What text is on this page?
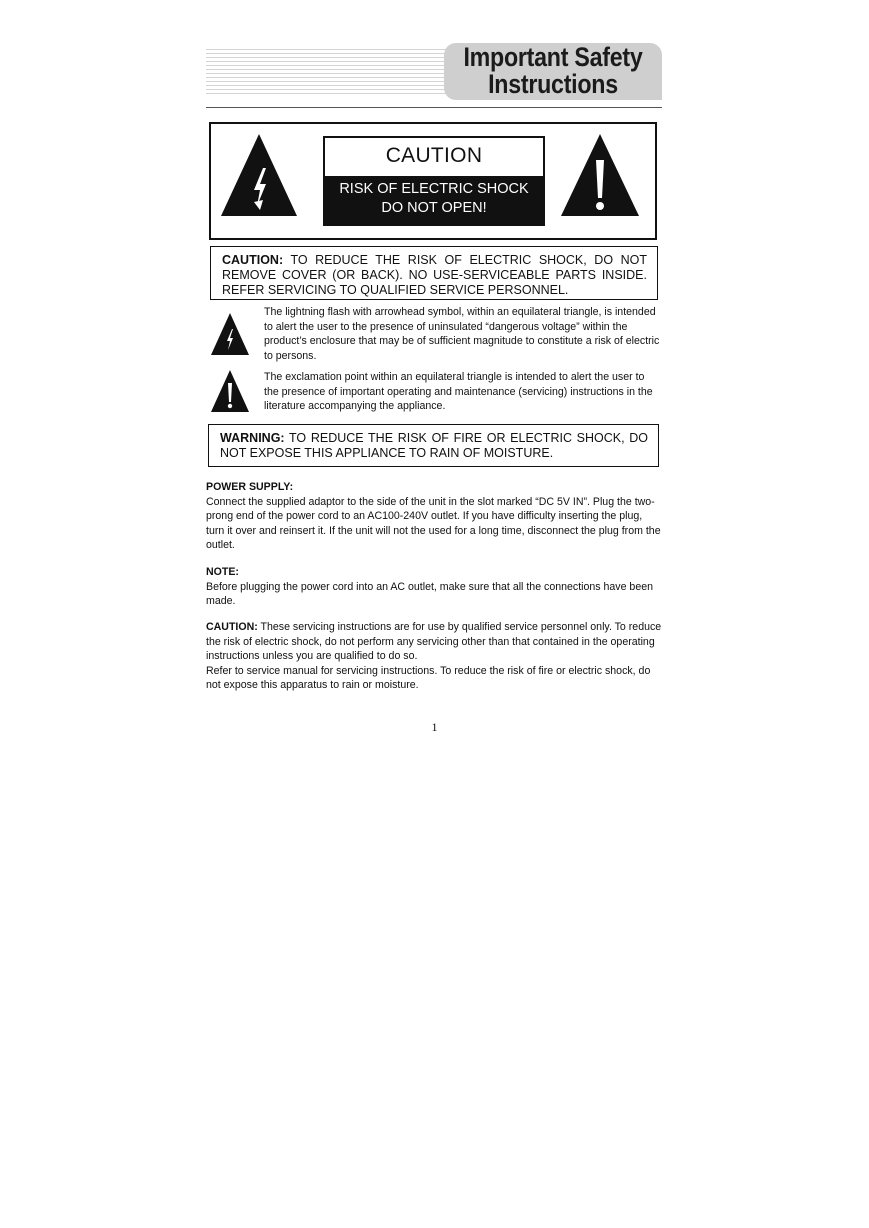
Important Safety
Instructions
CAUTION
RISK OF ELECTRIC SHOCK
DO NOT OPEN!
CAUTION: TO REDUCE THE RISK OF ELECTRIC SHOCK, DO NOT REMOVE COVER (OR BACK). NO USE-SERVICEABLE PARTS INSIDE. REFER SERVICING TO QUALIFIED SERVICE PERSONNEL.
The lightning flash with arrowhead symbol, within an equilateral triangle, is intended to alert the user to the presence of uninsulated “dangerous voltage” within the product’s enclosure that may be of sufficient magnitude to constitute a risk of electric to persons.
The exclamation point within an equilateral triangle is intended to alert the user to the presence of important operating and maintenance (servicing) instructions in the literature accompanying the appliance.
WARNING: TO REDUCE THE RISK OF FIRE OR ELECTRIC SHOCK, DO NOT EXPOSE THIS APPLIANCE TO RAIN OF MOISTURE.
POWER SUPPLY:
Connect the supplied adaptor to the side of the unit in the slot marked “DC 5V IN”. Plug the two-prong end of the power cord to an AC100-240V outlet. If you have difficulty inserting the plug, turn it over and reinsert it. If the unit will not the used for a long time, disconnect the plug from the outlet.
NOTE:
Before plugging the power cord into an AC outlet, make sure that all the connections have been made.
CAUTION: These servicing instructions are for use by qualified service personnel only. To reduce the risk of electric shock, do not perform any servicing other than that contained in the operating instructions unless you are qualified to do so.
Refer to service manual for servicing instructions. To reduce the risk of fire or electric shock, do not expose this apparatus to rain or moisture.
1
